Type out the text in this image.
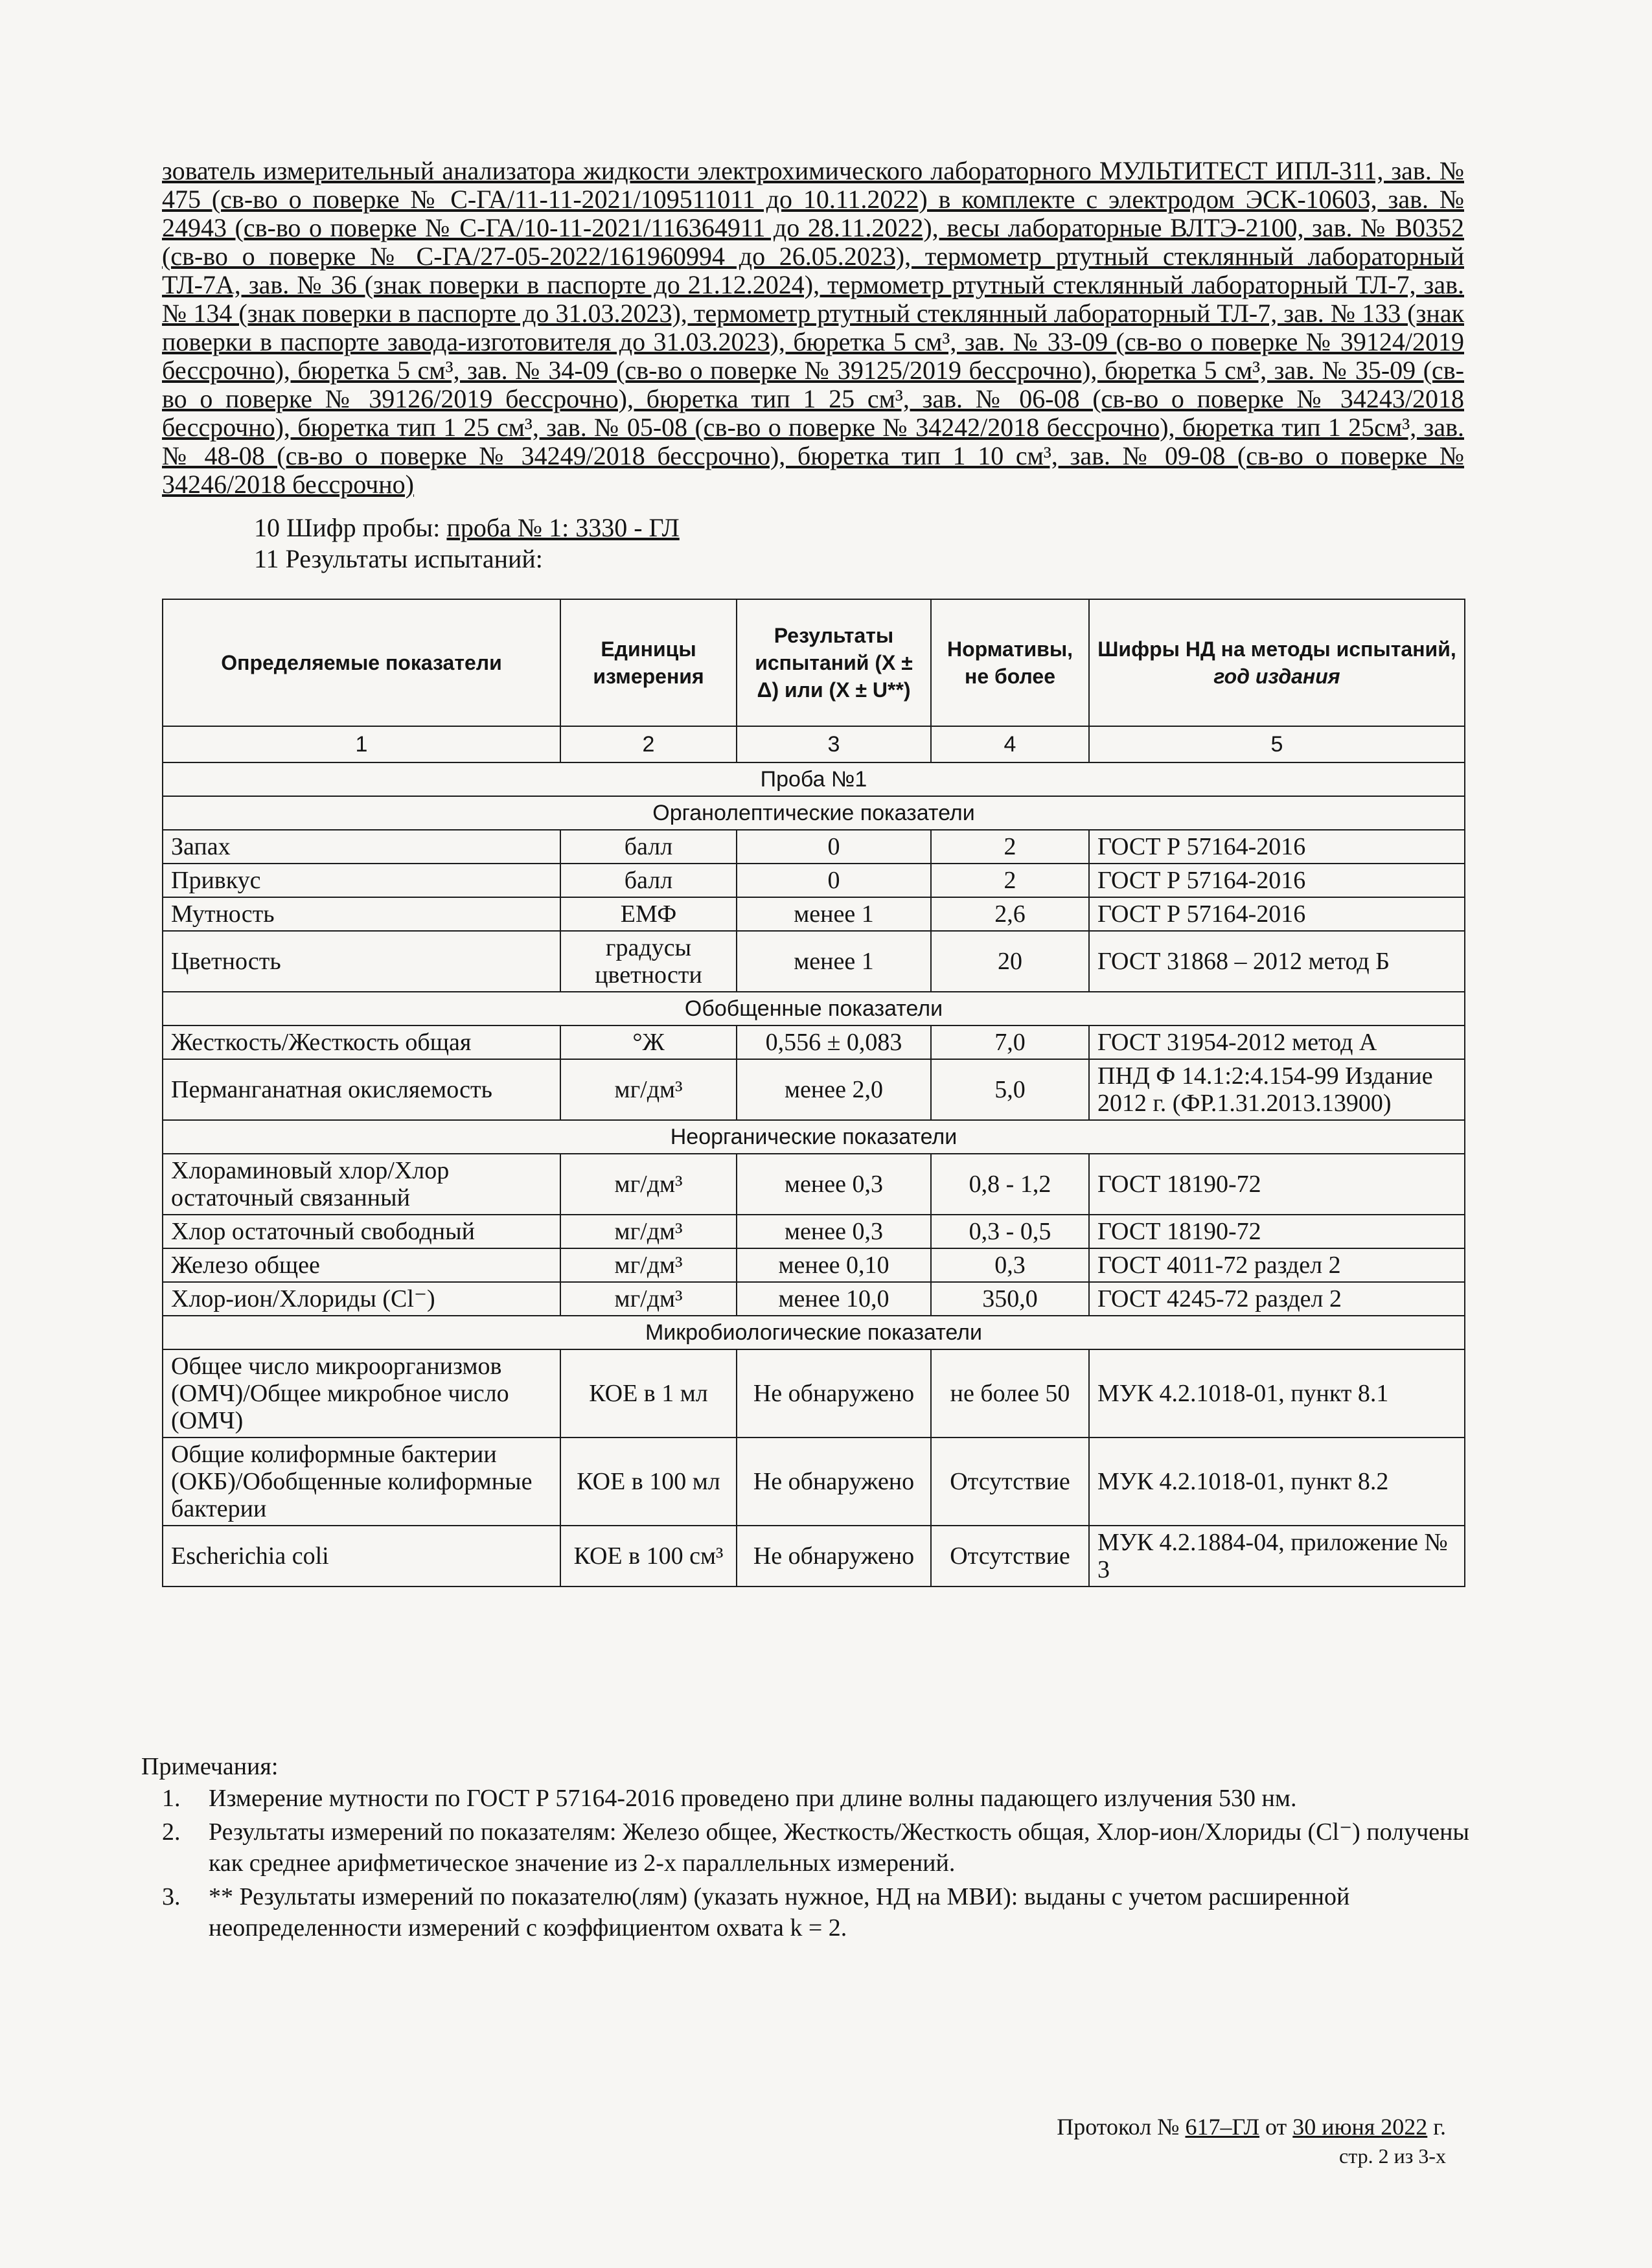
зователь измерительный анализатора жидкости электрохимического лабораторного МУЛЬТИТЕСТ ИПЛ-311, зав. № 475 (св-во о поверке № С-ГА/11-11-2021/109511011 до 10.11.2022) в комплекте с электродом ЭСК-10603, зав. № 24943 (св-во о поверке № С-ГА/10-11-2021/116364911 до 28.11.2022), весы лабораторные ВЛТЭ-2100, зав. № В0352 (св-во о поверке № С-ГА/27-05-2022/161960994 до 26.05.2023), термометр ртутный стеклянный лабораторный ТЛ-7А, зав. № 36 (знак поверки в паспорте до 21.12.2024), термометр ртутный стеклянный лабораторный ТЛ-7, зав. № 134 (знак поверки в паспорте до 31.03.2023), термометр ртутный стеклянный лабораторный ТЛ-7, зав. № 133 (знак поверки в паспорте завода-изготовителя до 31.03.2023), бюретка 5 см³, зав. № 33-09 (св-во о поверке № 39124/2019 бессрочно), бюретка 5 см³, зав. № 34-09 (св-во о поверке № 39125/2019 бессрочно), бюретка 5 см³, зав. № 35-09 (св-во о поверке № 39126/2019 бессрочно), бюретка тип 1 25 см³, зав. № 06-08 (св-во о поверке № 34243/2018 бессрочно), бюретка тип 1 25 см³, зав. № 05-08 (св-во о поверке № 34242/2018 бессрочно), бюретка тип 1 25см³, зав. № 48-08 (св-во о поверке № 34249/2018 бессрочно), бюретка тип 1 10 см³, зав. № 09-08 (св-во о поверке № 34246/2018 бессрочно)

10 Шифр пробы: проба № 1: 3330 - ГЛ
11 Результаты испытаний:
Определяемые показатели	Единицы измерения	Результаты испытаний (X ± Δ) или (X ± U**)	Нормативы, не более	Шифры НД на методы испытаний,
год издания

1	2	3	4	5
Проба №1				
Органолептические показатели				
Запах	балл	0	2	ГОСТ Р 57164-2016
Привкус	балл	0	2	ГОСТ Р 57164-2016
Мутность	ЕМФ	менее 1	2,6	ГОСТ Р 57164-2016
Цветность	градусы цветности	менее 1	20	ГОСТ 31868 – 2012 метод Б
Обобщенные показатели				
Жесткость/Жесткость общая	°Ж	0,556 ± 0,083	7,0	ГОСТ 31954-2012 метод А
Перманганатная окисляемость	мг/дм³	менее 2,0	5,0	ПНД Ф 14.1:2:4.154-99 Издание 2012 г. (ФР.1.31.2013.13900)
Неорганические показатели				
Хлораминовый хлор/Хлор остаточный связанный	мг/дм³	менее 0,3	0,8 - 1,2	ГОСТ 18190-72
Хлор остаточный свободный	мг/дм³	менее 0,3	0,3 - 0,5	ГОСТ 18190-72
Железо общее	мг/дм³	менее 0,10	0,3	ГОСТ 4011-72 раздел 2
Хлор-ион/Хлориды (Cl⁻)	мг/дм³	менее 10,0	350,0	ГОСТ 4245-72 раздел 2
Микробиологические показатели				
Общее число микроорганизмов (ОМЧ)/Общее микробное число (ОМЧ)	КОЕ в 1 мл	Не обнаружено	не более 50	МУК 4.2.1018-01, пункт 8.1
Общие колиформные бактерии (ОКБ)/Обобщенные колиформные бактерии	КОЕ в 100 мл	Не обнаружено	Отсутствие	МУК 4.2.1018-01, пункт 8.2
Escherichia coli	КОЕ в 100 см³	Не обнаружено	Отсутствие	МУК 4.2.1884-04, приложение № 3
Примечания:
1.	Измерение мутности по ГОСТ Р 57164-2016 проведено при длине волны падающего излучения 530 нм.
2.	Результаты измерений по показателям: Железо общее, Жесткость/Жесткость общая, Хлор-ион/Хлориды (Cl⁻) получены как среднее арифметическое значение из 2-х параллельных измерений.
3.	** Результаты измерений по показателю(лям) (указать нужное, НД на МВИ): выданы с учетом расширенной неопределенности измерений с коэффициентом охвата k = 2.
Протокол № 617–ГЛ от 30 июня 2022 г.
стр. 2 из 3-х
